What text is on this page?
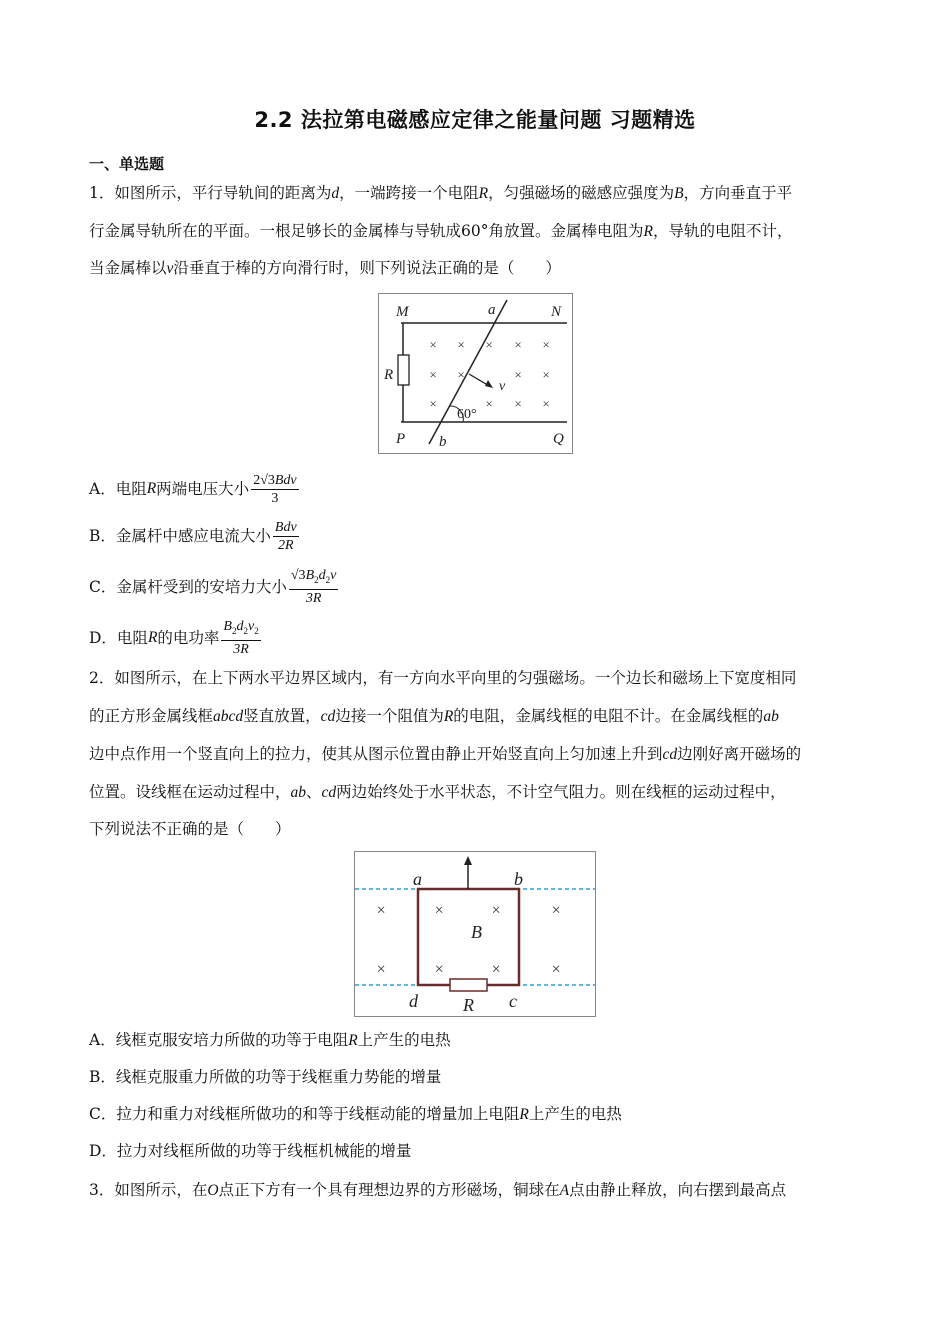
2.2 法拉第电磁感应定律之能量问题 习题精选
一、单选题
1．如图所示，平行导轨间的距离为d，一端跨接一个电阻R，匀强磁场的磁感应强度为B，方向垂直于平
行金属导轨所在的平面。一根足够长的金属棒与导轨成60°角放置。金属棒电阻为R，导轨的电阻不计，
当金属棒以v沿垂直于棒的方向滑行时，则下列说法正确的是（　　）
× × × × ×
× ×	× ×
×	× × ×
M	N
a
R
v
60°
P b	Q
A．电阻 R 两端电压大小 $\frac{\text{2√3Bdv}}{3}$
B．金属杆中感应电流大小 $\frac{\text{Bdv}}{2R}$
C．金属杆受到的安培力大小 $\frac{√3B_2d_2v}{3R}$
D．电阻 R 的电功率 $\frac{B_2d_2v_2}{3R}$
2．如图所示，在上下两水平边界区域内，有一方向水平向里的匀强磁场。一个边长和磁场上下宽度相同
的正方形金属线框abcd竖直放置，cd边接一个阻值为R的电阻，金属线框的电阻不计。在金属线框的ab
边中点作用一个竖直向上的拉力，使其从图示位置由静止开始竖直向上匀加速上升到cd边刚好离开磁场的
位置。设线框在运动过程中，ab、cd两边始终处于水平状态，不计空气阻力。则在线框的运动过程中，
下列说法不正确的是（　　）
×	×	×	×
×	×	×	×
a	b
B
d	R c
A．线框克服安培力所做的功等于电阻R上产生的电热
B．线框克服重力所做的功等于线框重力势能的增量
C．拉力和重力对线框所做功的和等于线框动能的增量加上电阻R上产生的电热
D．拉力对线框所做的功等于线框机械能的增量
3．如图所示，在O点正下方有一个具有理想边界的方形磁场，铜球在A点由静止释放，向右摆到最高点
